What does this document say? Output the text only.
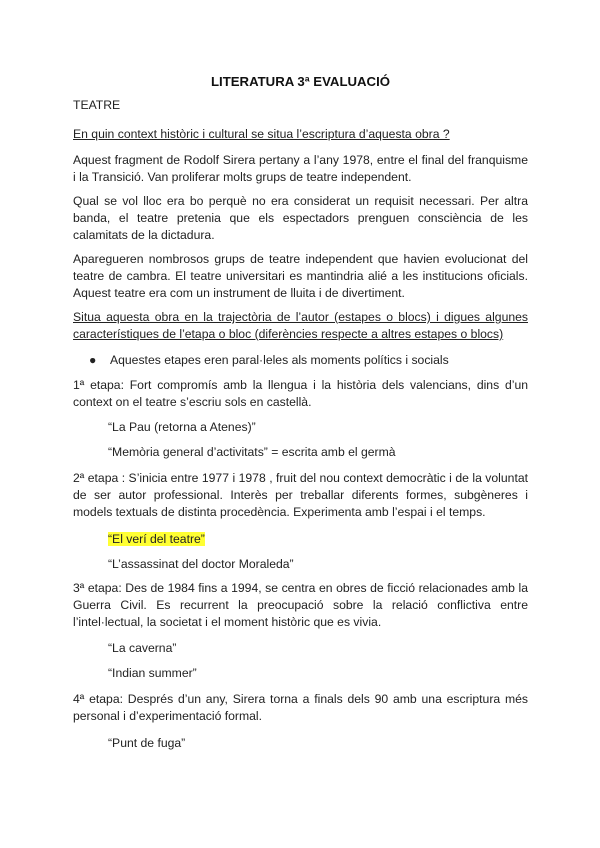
LITERATURA 3ª EVALUACIÓ
TEATRE

En quin context històric i cultural se situa l’escriptura d’aquesta obra ?

Aquest fragment de Rodolf Sirera pertany a l’any 1978, entre el final del franquisme i la Transició. Van proliferar molts grups de teatre independent.

Qual se vol lloc era bo perquè no era considerat un requisit necessari. Per altra banda, el teatre pretenia que els espectadors prenguen consciència de les calamitats de la dictadura.

Aparegueren nombrosos grups de teatre independent que havien evolucionat del teatre de cambra. El teatre universitari es mantindria alié a les institucions oficials. Aquest teatre era com un instrument de lluita i de divertiment.

Situa aquesta obra en la trajectòria de l’autor (estapes o blocs) i digues algunes característiques de l’etapa o bloc (diferències respecte a altres estapes o blocs)

● Aquestes etapes eren paral·leles als moments polítics i socials

1ª etapa: Fort compromís amb la llengua i la història dels valencians, dins d’un context on el teatre s’escriu sols en castellà.

“La Pau (retorna a Atenes)”
“Memòria general d’activitats” = escrita amb el germà

2ª etapa : S’inicia entre 1977 i 1978 , fruit del nou context democràtic i de la voluntat de ser autor professional. Interès per treballar diferents formes, subgèneres i models textuals de distinta procedència. Experimenta amb l’espai i el temps.

“El verí del teatre”
“L’assassinat del doctor Moraleda”

3ª etapa: Des de 1984 fins a 1994, se centra en obres de ficció relacionades amb la Guerra Civil. Es recurrent la preocupació sobre la relació conflictiva entre l’intel·lectual, la societat i el moment històric que es vivia.

“La caverna”
“Indian summer”

4ª etapa: Després d’un any, Sirera torna a finals dels 90 amb una escriptura més personal i d’experimentació formal.

“Punt de fuga”
